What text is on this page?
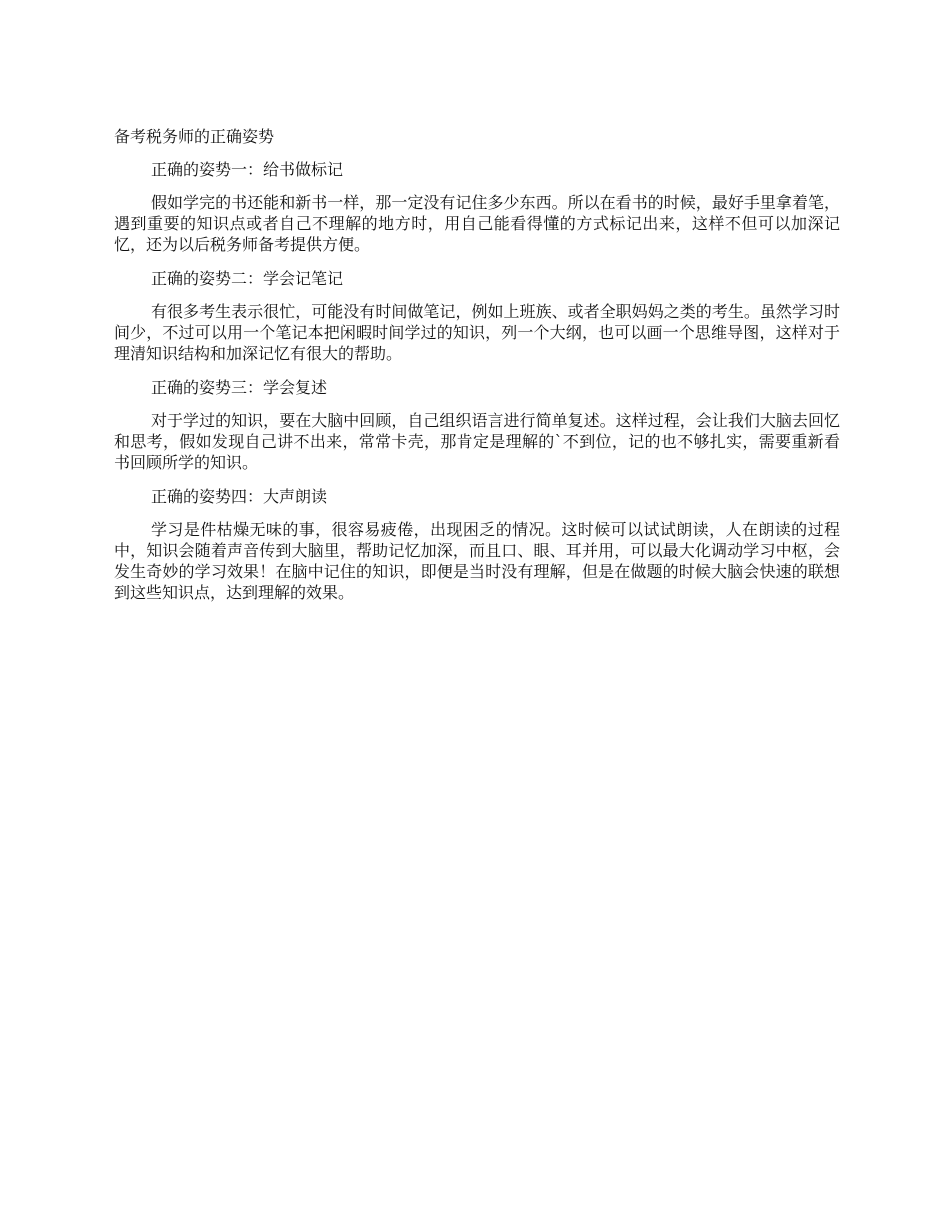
备考税务师的正确姿势
正确的姿势一：给书做标记

假如学完的书还能和新书一样，那一定没有记住多少东西。所以在看书的时候，最好手里拿着笔，遇到重要的知识点或者自己不理解的地方时，用自己能看得懂的方式标记出来，这样不但可以加深记忆，还为以后税务师备考提供方便。

正确的姿势二：学会记笔记

有很多考生表示很忙，可能没有时间做笔记，例如上班族、或者全职妈妈之类的考生。虽然学习时间少，不过可以用一个笔记本把闲暇时间学过的知识，列一个大纲，也可以画一个思维导图，这样对于理清知识结构和加深记忆有很大的帮助。

正确的姿势三：学会复述

对于学过的知识，要在大脑中回顾，自己组织语言进行简单复述。这样过程，会让我们大脑去回忆和思考，假如发现自己讲不出来，常常卡壳，那肯定是理解的`不到位，记的也不够扎实，需要重新看书回顾所学的知识。

正确的姿势四：大声朗读

学习是件枯燥无味的事，很容易疲倦，出现困乏的情况。这时候可以试试朗读，人在朗读的过程中，知识会随着声音传到大脑里，帮助记忆加深，而且口、眼、耳并用，可以最大化调动学习中枢，会发生奇妙的学习效果！在脑中记住的知识，即便是当时没有理解，但是在做题的时候大脑会快速的联想到这些知识点，达到理解的效果。
